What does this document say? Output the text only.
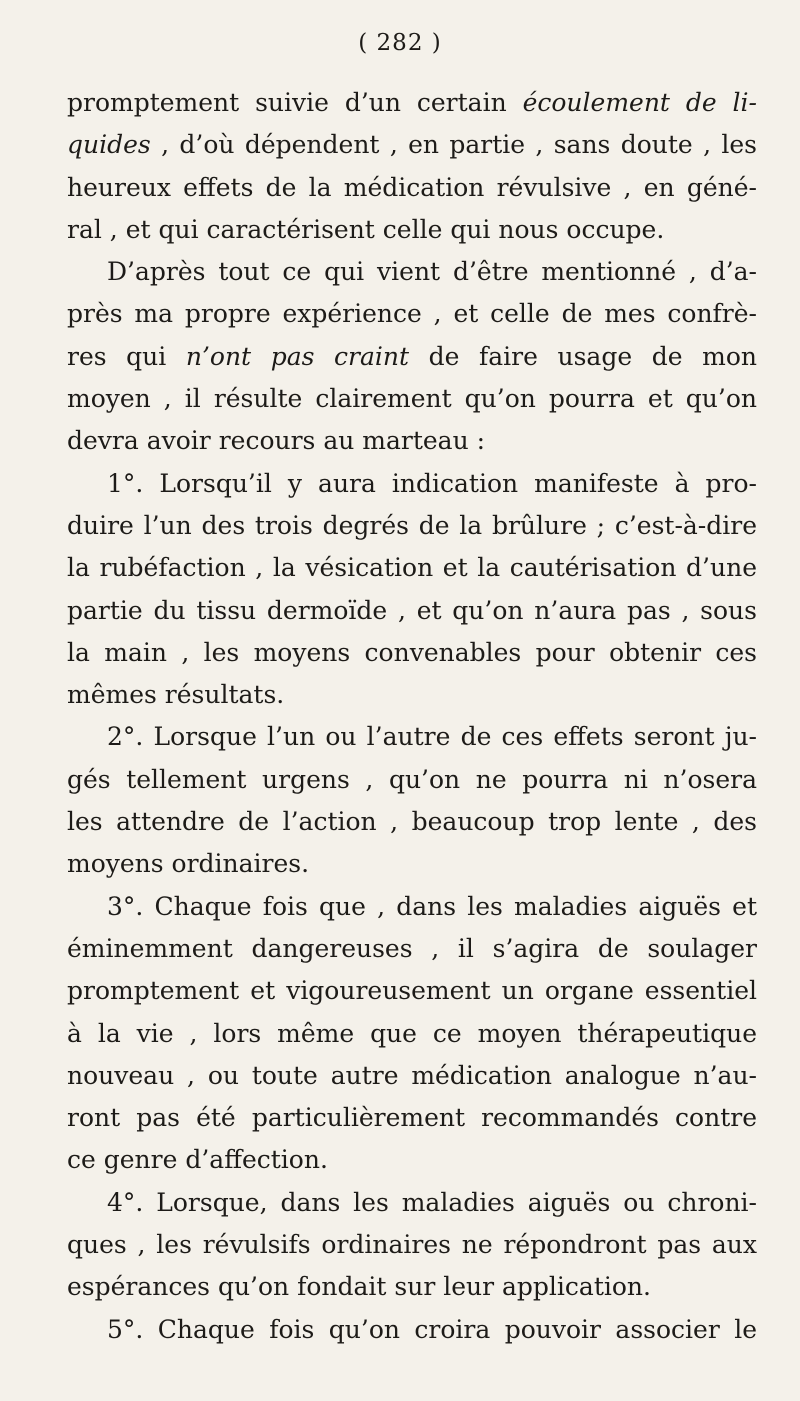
( 282 )
promptement suivie d’un certain écoulement de li-
quides , d’où dépendent , en partie , sans doute , les
heureux effets de la médication révulsive , en géné-
ral , et qui caractérisent celle qui nous occupe.
D’après tout ce qui vient d’être mentionné , d’a-
près ma propre expérience , et celle de mes confrè-
res qui n’ont pas craint de faire usage de mon
moyen , il résulte clairement qu’on pourra et qu’on
devra avoir recours au marteau :
1°. Lorsqu’il y aura indication manifeste à pro-
duire l’un des trois degrés de la brûlure ; c’est-à-dire
la rubéfaction , la vésication et la cautérisation d’une
partie du tissu dermoïde , et qu’on n’aura pas , sous
la main , les moyens convenables pour obtenir ces
mêmes résultats.
2°. Lorsque l’un ou l’autre de ces effets seront ju-
gés tellement urgens , qu’on ne pourra ni n’osera
les attendre de l’action , beaucoup trop lente , des
moyens ordinaires.
3°. Chaque fois que , dans les maladies aiguës et
éminemment dangereuses , il s’agira de soulager
promptement et vigoureusement un organe essentiel
à la vie , lors même que ce moyen thérapeutique
nouveau , ou toute autre médication analogue n’au-
ront pas été particulièrement recommandés contre
ce genre d’affection.
4°. Lorsque, dans les maladies aiguës ou chroni-
ques , les révulsifs ordinaires ne répondront pas aux
espérances qu’on fondait sur leur application.
5°. Chaque fois qu’on croira pouvoir associer le
